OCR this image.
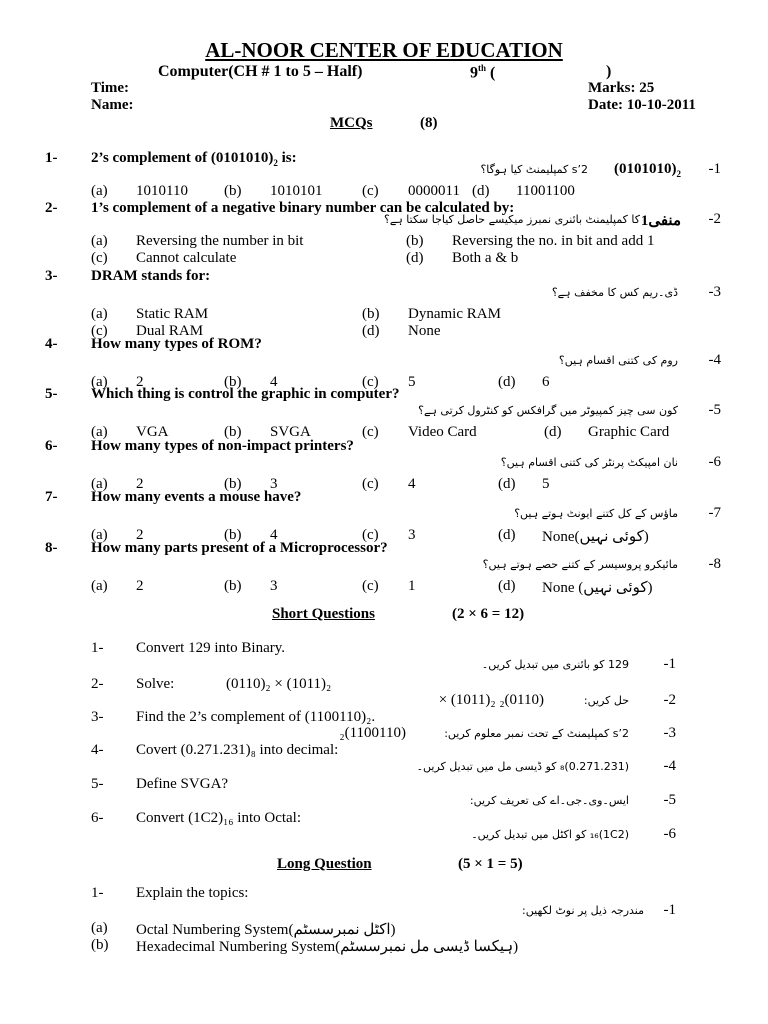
AL-NOOR CENTER OF EDUCATION
Computer(CH # 1 to 5 – Half)	9th (	)
Time:	Marks: 25
Name:	Date: 10-10-2011
MCQs	(8)
1- 2’s complement of $(0101010)_2$ is:
-1
$(0101010)_2$
2’s کمپلیمنٹ کیا ہوگا؟
(a) 1010110 (b) 1010101	(c) 0000011 (d) 11001100
2- 1’s complement of a negative binary number can be calculated by:
-2
منفی1
کا کمپلیمنٹ بائنری نمبرز میکیسے حاصل کیاجا سکتا ہے؟
(a) Reversing the number in bit	(b) Reversing the no. in bit and add 1
(c) Cannot calculate	(d) Both a & b
3- DRAM stands for:
-3
ڈی۔ریم کس کا مخفف ہے؟
(a) Static RAM	(b) Dynamic RAM
(c) Dual RAM	(d) None
4- How many types of ROM?
-4
روم کی کتنی اقسام ہیں؟
(a) 2	(b) 4	(c) 5	(d) 6
5- Which thing is control the graphic in computer?
-5
کون سی چیز کمپیوٹر میں گرافکس کو کنٹرول کرتی ہے؟
(a) VGA	(b) SVGA	(c) Video Card	(d) Graphic Card
6- How many types of non-impact printers?
-6
نان امپیکٹ پرنٹر کی کتنی اقسام ہیں؟
(a) 2	(b) 3	(c) 4	(d) 5
7- How many events a mouse have?
-7
ماؤس کے کل کتنے ایونٹ ہوتے ہیں؟
(a) 2	(b) 4	(c) 3	(d) None(کوئی نہیں)
8- How many parts present of a Microprocessor?
-8
مائیکرو پروسیسر کے کتنے حصے ہوتے ہیں؟
(a) 2	(b) 3	(c) 1	(d) None (کوئی نہیں)
Short Questions	(2 × 6 = 12)
1- Convert 129 into Binary.
-1
129 کو بائنری میں تبدیل کریں۔
2- Solve:	(0110)₂ × (1011)₂
-2
حل کریں:
× (1011)₂ ₂(0110)
3- Find the 2’s complement of (1100110)₂.
-3
2’s کمپلیمنٹ کے تحت نمبر معلوم کریں:
₂(1100110)
4- Covert (0.271.231)₈ into decimal:
-4
(0.271.231)₈ کو ڈیسی مل میں تبدیل کریں۔
5- Define SVGA?
-5
ایس۔وی۔جی۔اے کی تعریف کریں:
6- Convert (1C2)₁₆ into Octal:
-6
(1C2)₁₆ کو اکٹل میں تبدیل کریں۔
Long Question	(5 × 1 = 5)
1- Explain the topics:
مندرجہ ذیل پر نوٹ لکھیں: -1
(a) Octal Numbering System(اکٹل نمبرسسٹم)
(b) Hexadecimal Numbering System(ہیکسا ڈیسی مل نمبرسسٹم)
